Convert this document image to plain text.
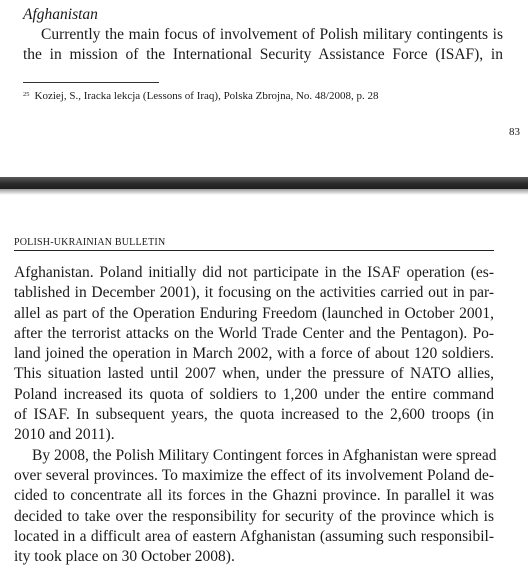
Afghanistan
Currently the main focus of involvement of Polish military contingents is the in mission of the International Security Assistance Force (ISAF), in
$^{25}$ Koziej, S., Iracka lekcja (Lessons of Iraq), Polska Zbrojna, No. 48/2008, p. 28
83
POLISH-UKRAINIAN BULLETIN
Afghanistan. Poland initially did not participate in the ISAF operation (es-
tablished in December 2001), it focusing on the activities carried out in par-
allel as part of the Operation Enduring Freedom (launched in October 2001,
after the terrorist attacks on the World Trade Center and the Pentagon). Po-
land joined the operation in March 2002, with a force of about 120 soldiers.
This situation lasted until 2007 when, under the pressure of NATO allies,
Poland increased its quota of soldiers to 1,200 under the entire command
of ISAF. In subsequent years, the quota increased to the 2,600 troops (in
2010 and 2011).
By 2008, the Polish Military Contingent forces in Afghanistan were spread
over several provinces. To maximize the effect of its involvement Poland de-
cided to concentrate all its forces in the Ghazni province. In parallel it was
decided to take over the responsibility for security of the province which is
located in a difficult area of eastern Afghanistan (assuming such responsibil-
ity took place on 30 October 2008).
